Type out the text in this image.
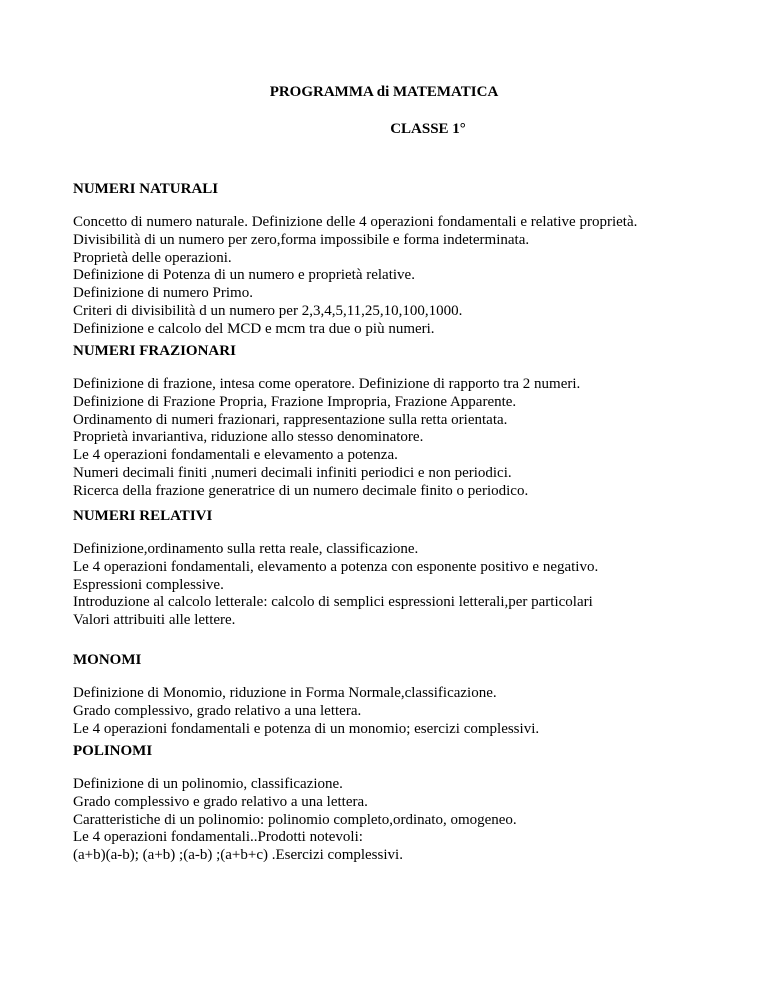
PROGRAMMA di MATEMATICA
CLASSE 1°
NUMERI NATURALI
Concetto di numero naturale. Definizione delle 4 operazioni fondamentali e relative proprietà.
Divisibilità di un numero per zero,forma impossibile e forma indeterminata.
Proprietà delle operazioni.
Definizione di Potenza di un numero e proprietà relative.
Definizione di numero Primo.
Criteri di divisibilità d un numero per 2,3,4,5,11,25,10,100,1000.
Definizione e calcolo del MCD e mcm tra due o più numeri.
NUMERI FRAZIONARI
Definizione di frazione, intesa come operatore. Definizione di rapporto tra 2 numeri.
Definizione di Frazione Propria, Frazione Impropria, Frazione Apparente.
Ordinamento di numeri frazionari, rappresentazione sulla retta orientata.
Proprietà invariantiva, riduzione allo stesso denominatore.
Le 4 operazioni fondamentali e elevamento a potenza.
Numeri decimali finiti ,numeri decimali infiniti periodici e non periodici.
Ricerca della frazione generatrice di un numero decimale finito o periodico.
NUMERI RELATIVI
Definizione,ordinamento sulla retta reale, classificazione.
Le 4 operazioni fondamentali, elevamento a potenza con esponente positivo e negativo.
Espressioni complessive.
Introduzione al calcolo letterale: calcolo di semplici espressioni letterali,per particolari
Valori attribuiti alle lettere.
MONOMI
Definizione di Monomio, riduzione in Forma Normale,classificazione.
Grado complessivo, grado relativo a una lettera.
Le 4 operazioni fondamentali e potenza di un monomio; esercizi complessivi.
POLINOMI
Definizione di un polinomio, classificazione.
Grado complessivo e grado relativo a una lettera.
Caratteristiche di un polinomio: polinomio completo,ordinato, omogeneo.
Le 4 operazioni fondamentali..Prodotti notevoli:
(a+b)(a-b); (a+b) ;(a-b) ;(a+b+c) .Esercizi complessivi.
